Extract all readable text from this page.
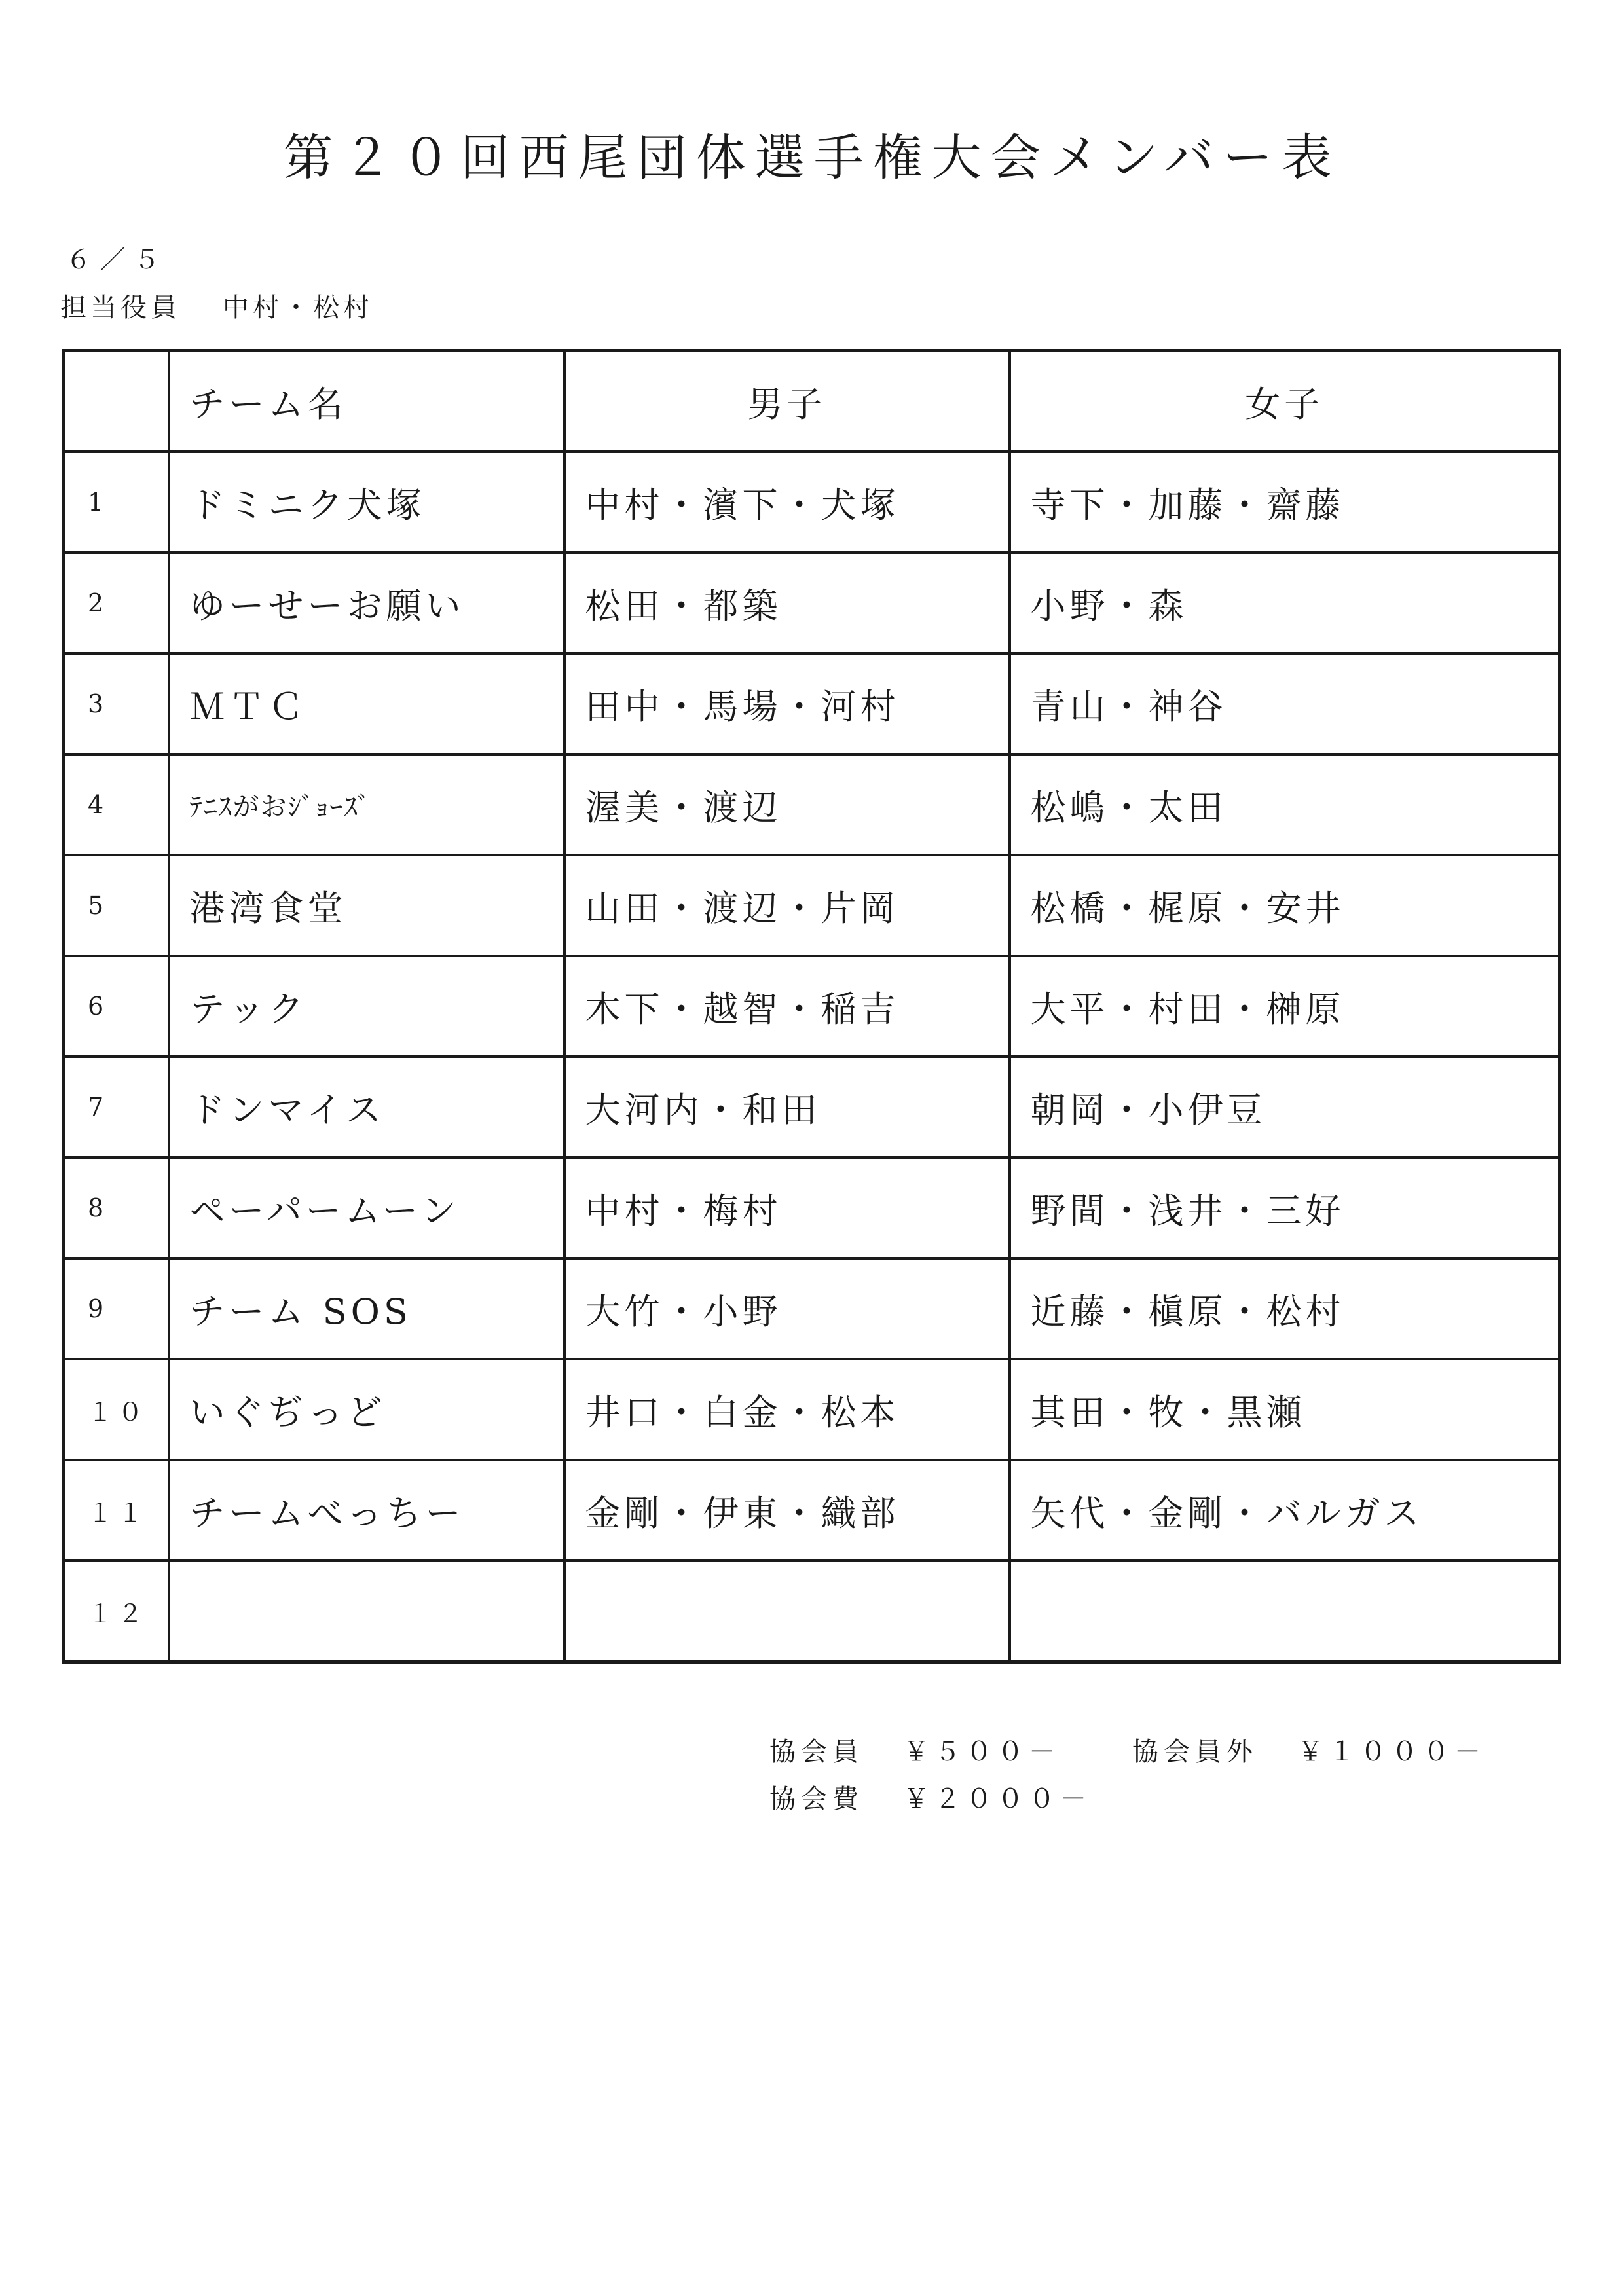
第２０回西尾団体選手権大会メンバー表
６／５
担当役員 中村・松村
	チーム名	男子	女子
1	ドミニク犬塚	中村・濱下・犬塚	寺下・加藤・齋藤
2	ゆーせーお願い	松田・都築	小野・森
3	ＭＴＣ	田中・馬場・河村	青山・神谷
4	ﾃﾆｽがおｼﾞｮｰｽﾞ	渥美・渡辺	松嶋・太田
5	港湾食堂	山田・渡辺・片岡	松橋・梶原・安井
6	テック	木下・越智・稲吉	大平・村田・榊原
7	ドンマイス	大河内・和田	朝岡・小伊豆
8	ペーパームーン	中村・梅村	野間・浅井・三好
9	チーム SOS	大竹・小野	近藤・槇原・松村
１０	いぐぢっど	井口・白金・松本	其田・牧・黒瀬
１１	チームべっちー	金剛・伊東・織部	矢代・金剛・バルガス
１２			
協会員 ￥５００－	協会員外 ￥１０００－
協会費 ￥２０００－
